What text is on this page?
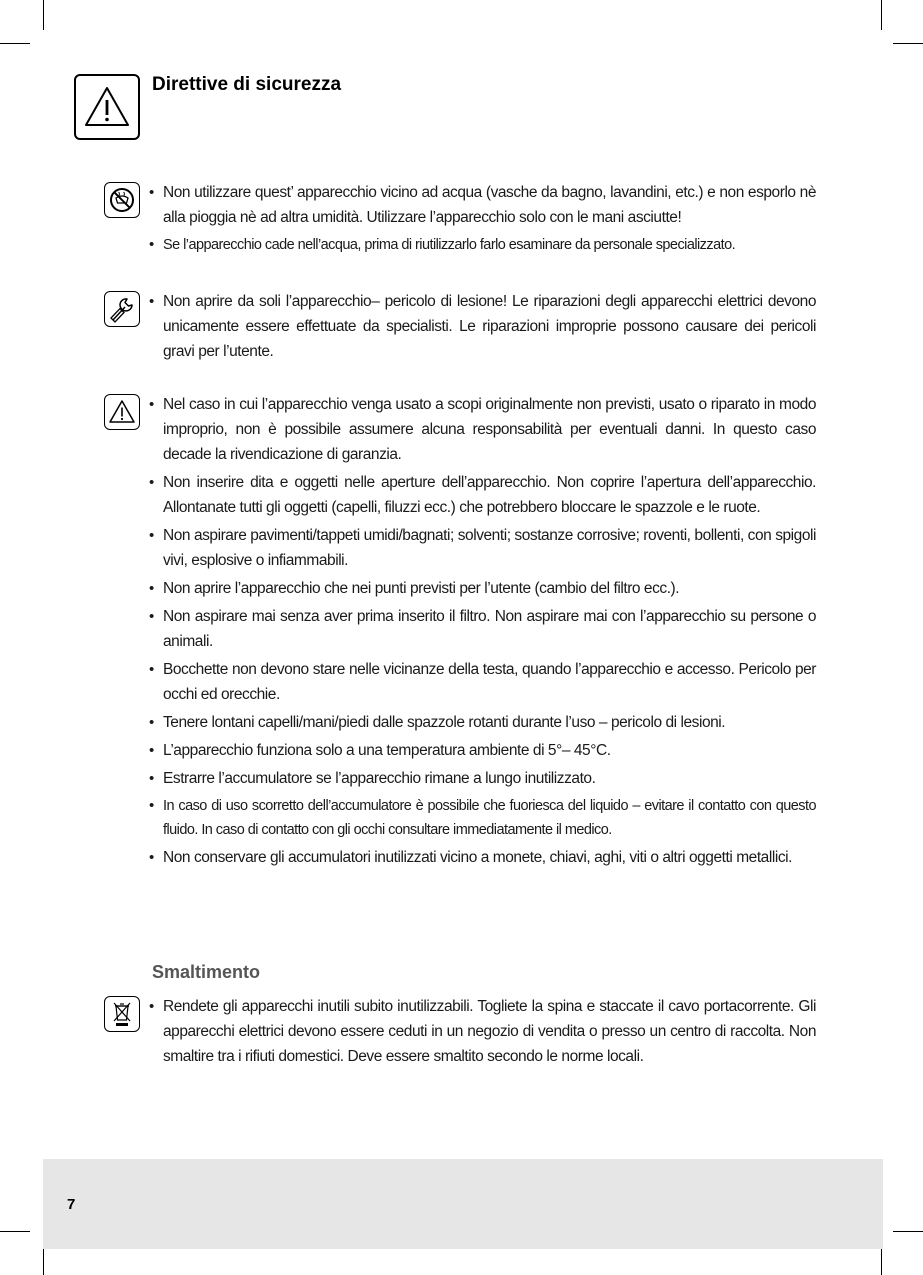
Direttive di sicurezza
• Non utilizzare quest’ apparecchio vicino ad acqua (vasche da bagno, lavandini, etc.) e non esporlo nè alla pioggia nè ad altra umidità. Utilizzare l’apparecchio solo con le mani asciutte!
• Se l’apparecchio cade nell’acqua, prima di riutilizzarlo farlo esaminare da personale specializzato.
• Non aprire da soli l’apparecchio– pericolo di lesione! Le riparazioni degli apparecchi elettrici devono unicamente essere effettuate da specialisti. Le riparazioni improprie possono causare dei pericoli gravi per l’utente.
• Nel caso in cui l’apparecchio venga usato a scopi originalmente non previsti, usato o riparato in modo improprio, non è possibile assumere alcuna responsabilità per eventuali danni. In questo caso decade la rivendicazione di garanzia.
• Non inserire dita e oggetti nelle aperture dell’apparecchio. Non coprire l’apertura dell’apparecchio. Allontanate tutti gli oggetti (capelli, filuzzi ecc.) che potrebbero bloccare le spazzole e le ruote.
• Non aspirare pavimenti/tappeti umidi/bagnati; solventi; sostanze corrosive; roventi, bollenti, con spigoli vivi, esplosive o infiammabili.
• Non aprire l’apparecchio che nei punti previsti per l’utente (cambio del filtro ecc.).
• Non aspirare mai senza aver prima inserito il filtro. Non aspirare mai con l’apparecchio su persone o animali.
• Bocchette non devono stare nelle vicinanze della testa, quando l’apparecchio e accesso. Pericolo per occhi ed orecchie.
• Tenere lontani capelli/mani/piedi dalle spazzole rotanti durante l’uso – pericolo di lesioni.
• L’apparecchio funziona solo a una temperatura ambiente di 5°– 45°C.
• Estrarre l’accumulatore se l’apparecchio rimane a lungo inutilizzato.
• In caso di uso scorretto dell’accumulatore è possibile che fuoriesca del liquido – evitare il contatto con questo fluido. In caso di contatto con gli occhi consultare immediatamente il medico.
• Non conservare gli accumulatori inutilizzati vicino a monete, chiavi, aghi, viti o altri oggetti metallici.
Smaltimento
• Rendete gli apparecchi inutili subito inutilizzabili. Togliete la spina e staccate il cavo portacorrente. Gli apparecchi elettrici devono essere ceduti in un negozio di vendita o presso un centro di raccolta. Non smaltire tra i rifiuti domestici. Deve essere smaltito secondo le norme locali.
7
